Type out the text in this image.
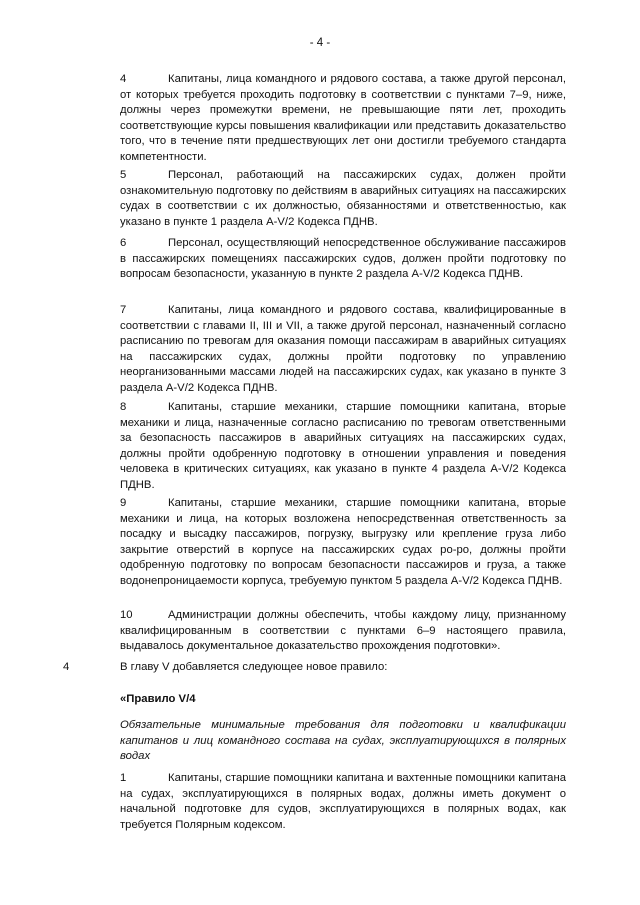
- 4 -
4	Капитаны, лица командного и рядового состава, а также другой персонал, от которых требуется проходить подготовку в соответствии с пунктами 7–9, ниже, должны через промежутки времени, не превышающие пяти лет, проходить соответствующие курсы повышения квалификации или представить доказательство того, что в течение пяти предшествующих лет они достигли требуемого стандарта компетентности.
5	Персонал, работающий на пассажирских судах, должен пройти ознакомительную подготовку по действиям в аварийных ситуациях на пассажирских судах в соответствии с их должностью, обязанностями и ответственностью, как указано в пункте 1 раздела A-V/2 Кодекса ПДНВ.
6	Персонал, осуществляющий непосредственное обслуживание пассажиров в пассажирских помещениях пассажирских судов, должен пройти подготовку по вопросам безопасности, указанную в пункте 2 раздела A-V/2 Кодекса ПДНВ.
7	Капитаны, лица командного и рядового состава, квалифицированные в соответствии с главами II, III и VII, а также другой персонал, назначенный согласно расписанию по тревогам для оказания помощи пассажирам в аварийных ситуациях на пассажирских судах, должны пройти подготовку по управлению неорганизованными массами людей на пассажирских судах, как указано в пункте 3 раздела A-V/2 Кодекса ПДНВ.
8	Капитаны, старшие механики, старшие помощники капитана, вторые механики и лица, назначенные согласно расписанию по тревогам ответственными за безопасность пассажиров в аварийных ситуациях на пассажирских судах, должны пройти одобренную подготовку в отношении управления и поведения человека в критических ситуациях, как указано в пункте 4 раздела A-V/2 Кодекса ПДНВ.
9	Капитаны, старшие механики, старшие помощники капитана, вторые механики и лица, на которых возложена непосредственная ответственность за посадку и высадку пассажиров, погрузку, выгрузку или крепление груза либо закрытие отверстий в корпусе на пассажирских судах ро-ро, должны пройти одобренную подготовку по вопросам безопасности пассажиров и груза, а также водонепроницаемости корпуса, требуемую пунктом 5 раздела A-V/2 Кодекса ПДНВ.
10	Администрации должны обеспечить, чтобы каждому лицу, признанному квалифицированным в соответствии с пунктами 6–9 настоящего правила, выдавалось документальное доказательство прохождения подготовки».
4	В главу V добавляется следующее новое правило:
«Правило V/4
Обязательные минимальные требования для подготовки и квалификации капитанов и лиц командного состава на судах, эксплуатирующихся в полярных водах
1	Капитаны, старшие помощники капитана и вахтенные помощники капитана на судах, эксплуатирующихся в полярных водах, должны иметь документ о начальной подготовке для судов, эксплуатирующихся в полярных водах, как требуется Полярным кодексом.
